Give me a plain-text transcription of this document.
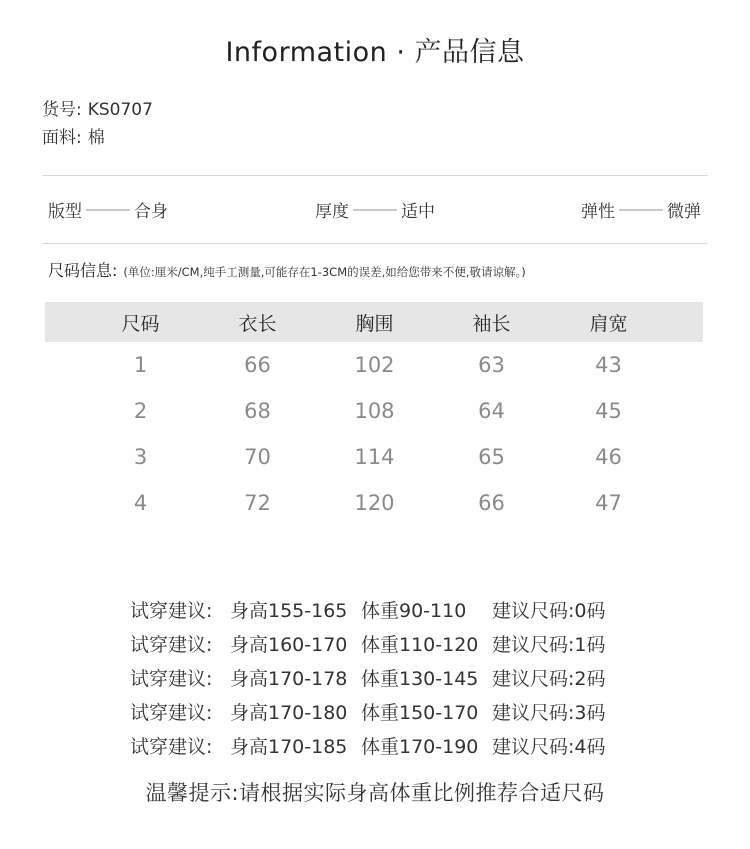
Information · 产品信息
货号: KS0707
面料: 棉
版型	合身	厚度	适中	弹性	微弹
尺码信息: (单位:厘米/CM,纯手工测量,可能存在1-3CM的误差,如给您带来不便,敬请谅解。)
尺码	衣长	胸围	袖长	肩宽
1	66	102	63	43
2	68	108	64	45
3	70	114	65	46
4	72	120	66	47
试穿建议: 身高155-165 体重90-110	建议尺码:0码
试穿建议: 身高160-170 体重110-120 建议尺码:1码
试穿建议: 身高170-178 体重130-145 建议尺码:2码
试穿建议: 身高170-180 体重150-170 建议尺码:3码
试穿建议: 身高170-185 体重170-190 建议尺码:4码
温馨提示:请根据实际身高体重比例推荐合适尺码
